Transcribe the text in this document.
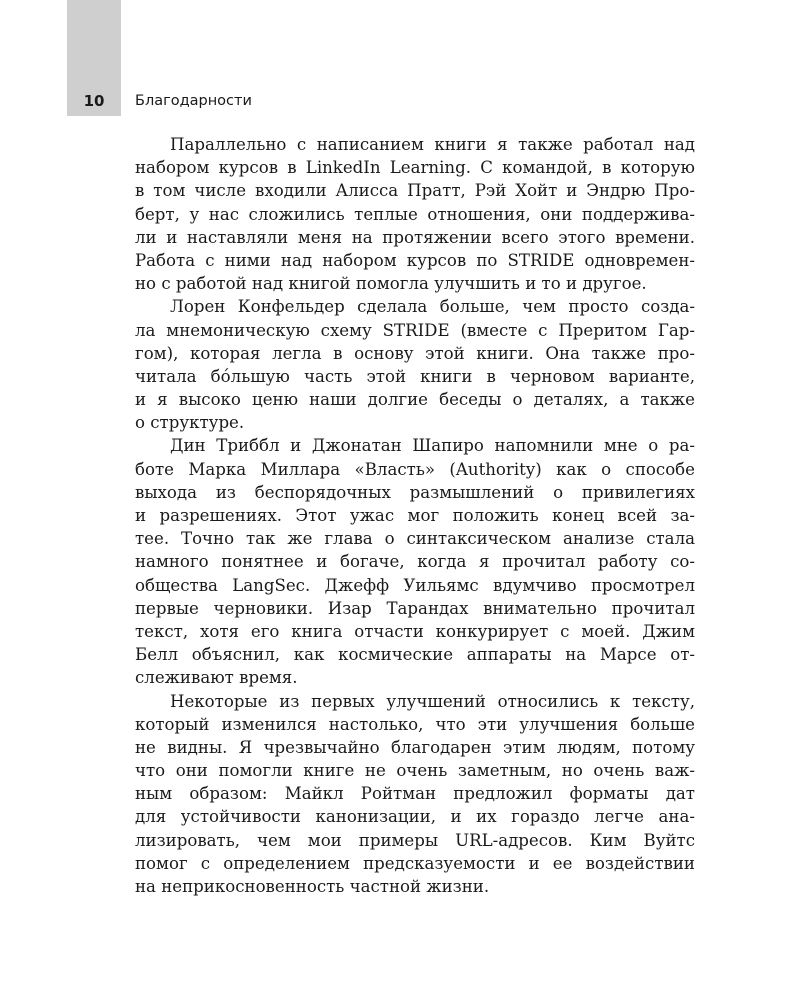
10	Благодарности
Параллельно с написанием книги я также работал над
набором курсов в LinkedIn Learning. С командой, в которую
в том числе входили Алисса Пратт, Рэй Хойт и Эндрю Про-
берт, у нас сложились теплые отношения, они поддержива-
ли и наставляли меня на протяжении всего этого времени.
Работа с ними над набором курсов по STRIDE одновремен-
но с работой над книгой помогла улучшить и то и другое.
Лорен Конфельдер сделала больше, чем просто созда-
ла мнемоническую схему STRIDE (вместе с Преритом Гар-
гом), которая легла в основу этой книги. Она также про-
читала бóльшую часть этой книги в черновом варианте,
и я высоко ценю наши долгие беседы о деталях, а также
о структуре.
Дин Триббл и Джонатан Шапиро напомнили мне о ра-
боте Марка Миллара «Власть» (Authority) как о способе
выхода из беспорядочных размышлений о привилегиях
и разрешениях. Этот ужас мог положить конец всей за-
тее. Точно так же глава о синтаксическом анализе стала
намного понятнее и богаче, когда я прочитал работу со-
общества LangSec. Джефф Уильямс вдумчиво просмотрел
первые черновики. Изар Тарандах внимательно прочитал
текст, хотя его книга отчасти конкурирует с моей. Джим
Белл объяснил, как космические аппараты на Марсе от-
слеживают время.
Некоторые из первых улучшений относились к тексту,
который изменился настолько, что эти улучшения больше
не видны. Я чрезвычайно благодарен этим людям, потому
что они помогли книге не очень заметным, но очень важ-
ным образом: Майкл Ройтман предложил форматы дат
для устойчивости канонизации, и их гораздо легче ана-
лизировать, чем мои примеры URL-адресов. Ким Вуйтс
помог с определением предсказуемости и ее воздействии
на неприкосновенность частной жизни.
